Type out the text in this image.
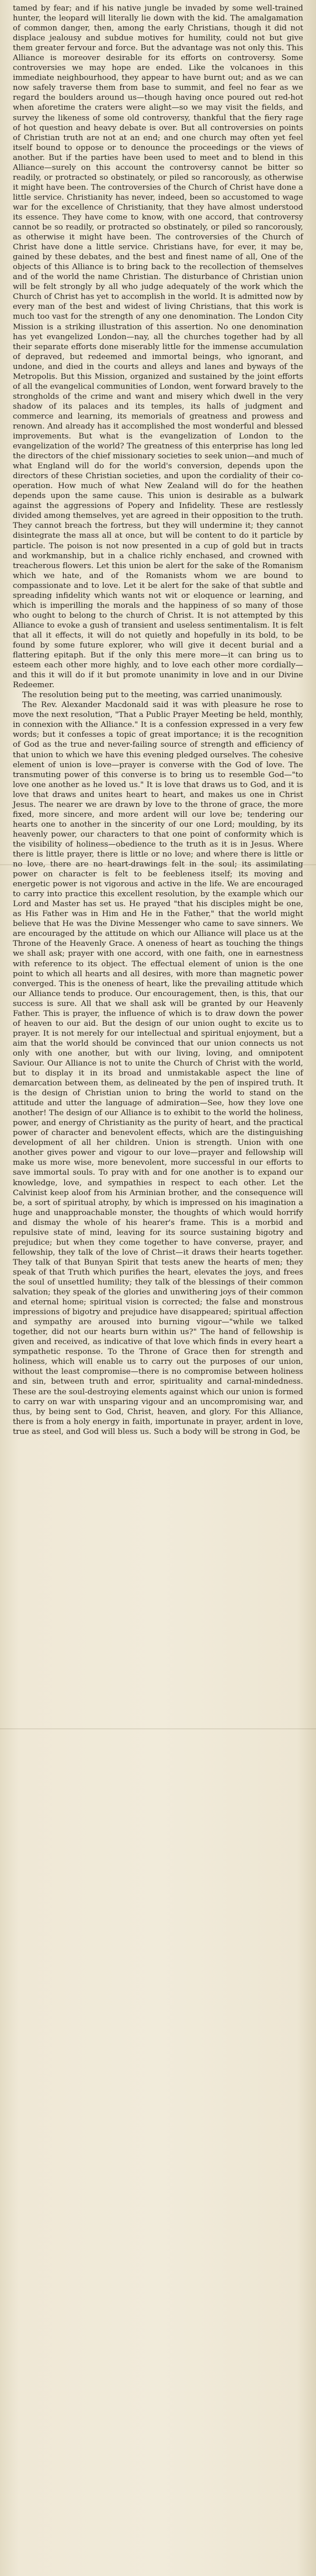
tamed by fear; and if his native jungle be invaded by some well-trained hunter, the leopard will literally lie down with the kid. The amalgamation of common danger, then, among the early Christians, though it did not displace jealousy and subdue motives for humility, could not but give them greater fervour and force. But the advantage was not only this. This Alliance is moreover desirable for its efforts on controversy. Some controversies we may hope are ended. Like the volcanoes in this immediate neighbourhood, they appear to have burnt out; and as we can now safely traverse them from base to summit, and feel no fear as we regard the boulders around us—though having once poured out red-hot when aforetime the craters were alight—so we may visit the fields, and survey the likeness of some old controversy, thankful that the fiery rage of hot question and heavy debate is over. But all controversies on points of Christian truth are not at an end; and one church may often yet feel itself bound to oppose or to denounce the proceedings or the views of another. But if the parties have been used to meet and to blend in this Alliance—surely on this account the controversy cannot be bitter so readily, or protracted so obstinately, or piled so rancorously, as otherwise it might have been. The controversies of the Church of Christ have done a little service. Christianity has never, indeed, been so accustomed to wage war for the excellence of Christianity, that they have almost understood its essence. They have come to know, with one accord, that controversy cannot be so readily, or protracted so obstinately, or piled so rancorously, as otherwise it might have been. The controversies of the Church of Christ have done a little service. Christians have, for ever, it may be, gained by these debates, and the best and finest name of all, One of the objects of this Alliance is to bring back to the recollection of themselves and of the world the name Christian. The disturbance of Christian union will be felt strongly by all who judge adequately of the work which the Church of Christ has yet to accomplish in the world. It is admitted now by every man of the best and widest of living Christians, that this work is much too vast for the strength of any one denomination. The London City Mission is a striking illustration of this assertion. No one denomination has yet evangelized London—nay, all the churches together had by all their separate efforts done miserably little for the immense accumulation of depraved, but redeemed and immortal beings, who ignorant, and undone, and died in the courts and alleys and lanes and byways of the Metropolis. But this Mission, organized and sustained by the joint efforts of all the evangelical communities of London, went forward bravely to the strongholds of the crime and want and misery which dwell in the very shadow of its palaces and its temples, its halls of judgment and commerce and learning, its memorials of greatness and prowess and renown. And already has it accomplished the most wonderful and blessed improvements. But what is the evangelization of London to the evangelization of the world? The greatness of this enterprise has long led the directors of the chief missionary societies to seek union—and much of what England will do for the world's conversion, depends upon the directors of these Christian societies, and upon the cordiality of their co-operation. How much of what New Zealand will do for the heathen depends upon the same cause. This union is desirable as a bulwark against the aggressions of Popery and Infidelity. These are restlessly divided among themselves, yet are agreed in their opposition to the truth. They cannot breach the fortress, but they will undermine it; they cannot disintegrate the mass all at once, but will be content to do it particle by particle. The poison is not now presented in a cup of gold but in tracts and workmanship, but in a chalice richly enchased, and crowned with treacherous flowers. Let this union be alert for the sake of the Romanism which we hate, and of the Romanists whom we are bound to compassionate and to love. Let it be alert for the sake of that subtle and spreading infidelity which wants not wit or eloquence or learning, and which is imperilling the morals and the happiness of so many of those who ought to belong to the church of Christ. It is not attempted by this Alliance to evoke a gush of transient and useless sentimentalism. It is felt that all it effects, it will do not quietly and hopefully in its bold, to be found by some future explorer, who will give it decent burial and a flattering epitaph. But if the only this mere more—it can bring us to esteem each other more highly, and to love each other more cordially—and this it will do if it but promote unanimity in love and in our Divine Redeemer.

The resolution being put to the meeting, was carried unanimously.

The Rev. Alexander Macdonald said it was with pleasure he rose to move the next resolution, "That a Public Prayer Meeting be held, monthly, in connexion with the Alliance." It is a confession expressed in a very few words; but it confesses a topic of great importance; it is the recognition of God as the true and never-failing source of strength and efficiency of that union to which we have this evening pledged ourselves. The cohesive element of union is love—prayer is converse with the God of love. The transmuting power of this converse is to bring us to resemble God—"to love one another as he loved us." It is love that draws us to God, and it is love that draws and unites heart to heart, and makes us one in Christ Jesus. The nearer we are drawn by love to the throne of grace, the more fixed, more sincere, and more ardent will our love be; tendering our hearts one to another in the sincerity of our one Lord; moulding, by its heavenly power, our characters to that one point of conformity which is the visibility of holiness—obedience to the truth as it is in Jesus. Where there is little prayer, there is little or no love; and where there is little or no love, there are no heart-drawings felt in the soul; its assimilating power on character is felt to be feebleness itself; its moving and energetic power is not vigorous and active in the life. We are encouraged to carry into practice this excellent resolution, by the example which our Lord and Master has set us. He prayed "that his disciples might be one, as His Father was in Him and He in the Father," that the world might believe that He was the Divine Messenger who came to save sinners. We are encouraged by the attitude on which our Alliance will place us at the Throne of the Heavenly Grace. A oneness of heart as touching the things we shall ask; prayer with one accord, with one faith, one in earnestness with reference to its object. The effectual element of union is the one point to which all hearts and all desires, with more than magnetic power converged. This is the oneness of heart, like the prevailing attitude which our Alliance tends to produce. Our encouragement, then, is this, that our success is sure. All that we shall ask will be granted by our Heavenly Father. This is prayer, the influence of which is to draw down the power of heaven to our aid. But the design of our union ought to excite us to prayer. It is not merely for our intellectual and spiritual enjoyment, but a aim that the world should be convinced that our union connects us not only with one another, but with our living, loving, and omnipotent Saviour. Our Alliance is not to unite the Church of Christ with the world, but to display it in its broad and unmistakable aspect the line of demarcation between them, as delineated by the pen of inspired truth. It is the design of Christian union to bring the world to stand on the attitude and utter the language of admiration—See, how they love one another! The design of our Alliance is to exhibit to the world the holiness, power, and energy of Christianity as the purity of heart, and the practical power of character and benevolent effects, which are the distinguishing development of all her children. Union is strength. Union with one another gives power and vigour to our love—prayer and fellowship will make us more wise, more benevolent, more successful in our efforts to save immortal souls. To pray with and for one another is to expand our knowledge, love, and sympathies in respect to each other. Let the Calvinist keep aloof from his Arminian brother, and the consequence will be, a sort of spiritual atrophy, by which is impressed on his imagination a huge and unapproachable monster, the thoughts of which would horrify and dismay the whole of his hearer's frame. This is a morbid and repulsive state of mind, leaving for its source sustaining bigotry and prejudice; but when they come together to have converse, prayer, and fellowship, they talk of the love of Christ—it draws their hearts together. They talk of that Bunyan Spirit that tests anew the hearts of men; they speak of that Truth which purifies the heart, elevates the joys, and frees the soul of unsettled humility; they talk of the blessings of their common salvation; they speak of the glories and unwithering joys of their common and eternal home; spiritual vision is corrected; the false and monstrous impressions of bigotry and prejudice have disappeared; spiritual affection and sympathy are aroused into burning vigour—"while we talked together, did not our hearts burn within us?" The hand of fellowship is given and received, as indicative of that love which finds in every heart a sympathetic response. To the Throne of Grace then for strength and holiness, which will enable us to carry out the purposes of our union, without the least compromise—there is no compromise between holiness and sin, between truth and error, spirituality and carnal-mindedness. These are the soul-destroying elements against which our union is formed to carry on war with unsparing vigour and an uncompromising war, and thus, by being sent to God, Christ, heaven, and glory. For this Alliance, there is from a holy energy in faith, importunate in prayer, ardent in love, true as steel, and God will bless us. Such a body will be strong in God, be
